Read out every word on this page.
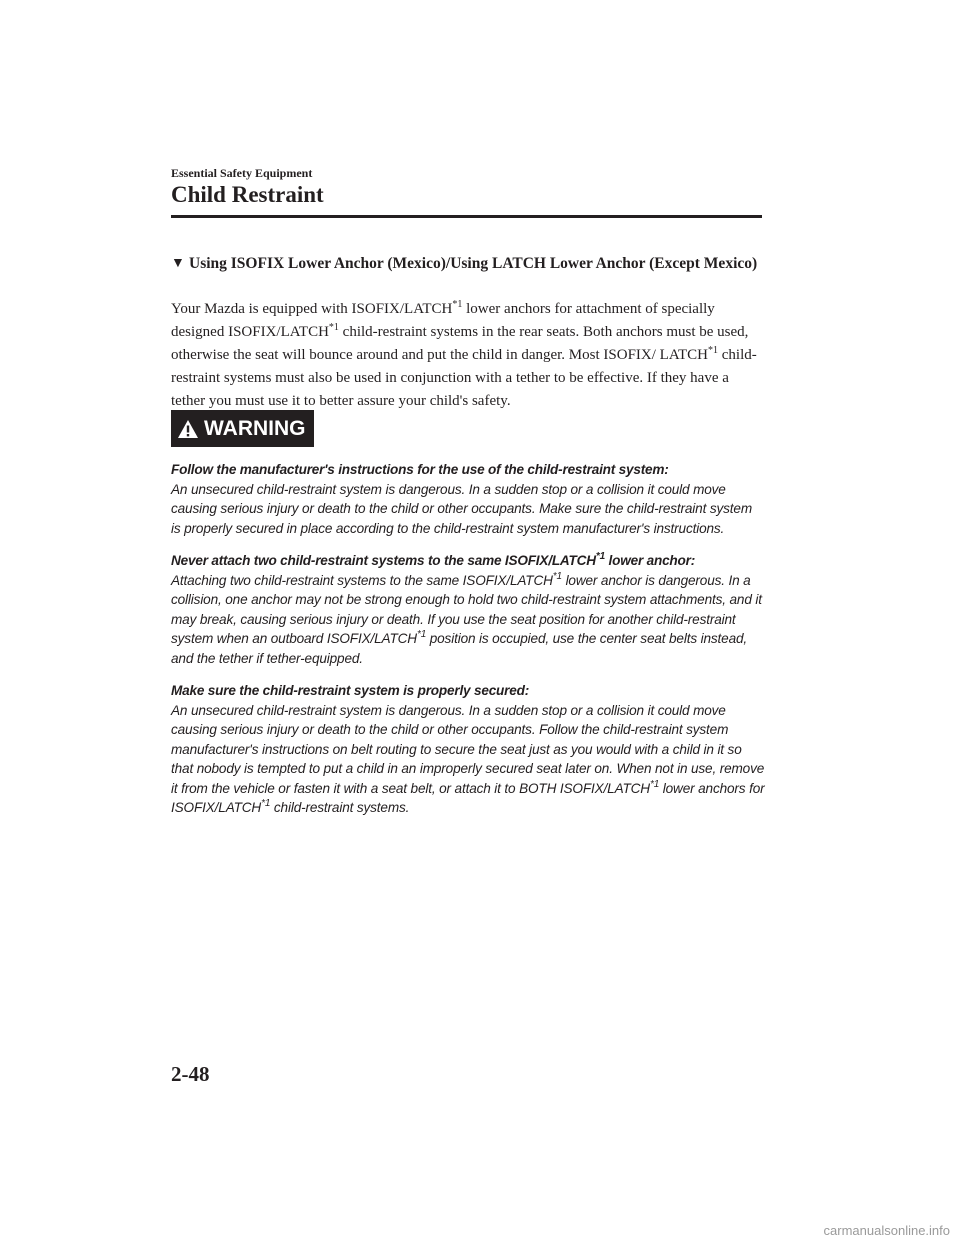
Essential Safety Equipment
Child Restraint
▼ Using ISOFIX Lower Anchor (Mexico)/Using LATCH Lower Anchor (Except Mexico)

Your Mazda is equipped with ISOFIX/LATCH$^{*1}$ lower anchors for attachment of specially designed ISOFIX/LATCH$^{*1}$ child-restraint systems in the rear seats. Both anchors must be used, otherwise the seat will bounce around and put the child in danger. Most ISOFIX/ LATCH$^{*1}$ child-restraint systems must also be used in conjunction with a tether to be effective. If they have a tether you must use it to better assure your child's safety.

WARNING
Follow the manufacturer's instructions for the use of the child-restraint system:
An unsecured child-restraint system is dangerous. In a sudden stop or a collision it could move causing serious injury or death to the child or other occupants. Make sure the child-restraint system is properly secured in place according to the child-restraint system manufacturer's instructions.
Never attach two child-restraint systems to the same ISOFIX/LATCH$^{*1}$ lower anchor:
Attaching two child-restraint systems to the same ISOFIX/LATCH$^{*1}$ lower anchor is dangerous. In a collision, one anchor may not be strong enough to hold two child-restraint system attachments, and it may break, causing serious injury or death. If you use the seat position for another child-restraint system when an outboard ISOFIX/LATCH$^{*1}$ position is occupied, use the center seat belts instead, and the tether if tether-equipped.
Make sure the child-restraint system is properly secured:
An unsecured child-restraint system is dangerous. In a sudden stop or a collision it could move causing serious injury or death to the child or other occupants. Follow the child-restraint system manufacturer's instructions on belt routing to secure the seat just as you would with a child in it so that nobody is tempted to put a child in an improperly secured seat later on. When not in use, remove it from the vehicle or fasten it with a seat belt, or attach it to BOTH ISOFIX/LATCH$^{*1}$ lower anchors for ISOFIX/LATCH$^{*1}$ child-restraint systems.
2-48
carmanualsonline.info
